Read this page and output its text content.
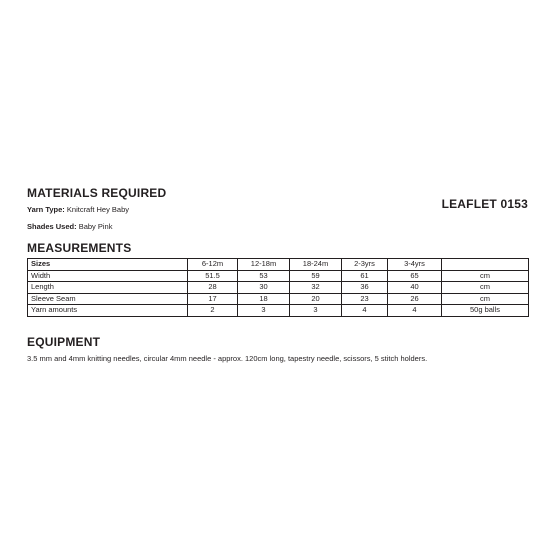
MATERIALS REQUIRED
Yarn Type: Knitcraft Hey Baby
Shades Used: Baby Pink
LEAFLET 0153
MEASUREMENTS
Sizes	6-12m	12-18m	18-24m	2-3yrs	3-4yrs	
Width	51.5	53	59	61	65	cm
Length	28	30	32	36	40	cm
Sleeve Seam	17	18	20	23	26	cm
Yarn amounts	2	3	3	4	4	50g balls
EQUIPMENT
3.5 mm and 4mm knitting needles, circular 4mm needle - approx. 120cm long, tapestry needle, scissors, 5 stitch holders.
